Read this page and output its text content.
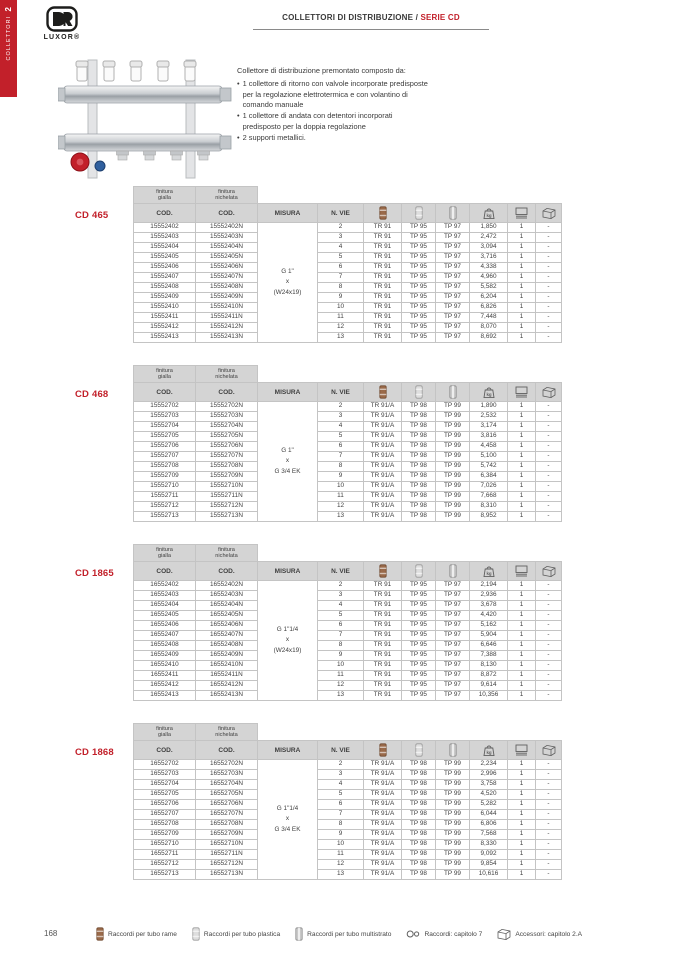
2
COLLETTORI	LUXOR®
COLLETTORI DI DISTRIBUZIONE / SERIE CD

Collettore di distribuzione premontato composto da:

• 1 collettore di ritorno con valvole incorporate predisposte per la regolazione elettrotermica e con volantino di comando manuale
• 1 collettore di andata con detentori incorporati predisposto per la doppia regolazione
• 2 supporti metallici.
CD 465
finitura
gialla	finitura
nichelata								
COD.	COD.	MISURA	N. VIE				kg

15552402	15552402N	G 1"
x
(W24x19)	2	TR 91	TP 95	TP 97	1,850	1	-
15552403	15552403N		3	TR 91	TP 95	TP 97	2,472	1	-
15552404	15552404N		4	TR 91	TP 95	TP 97	3,094	1	-
15552405	15552405N		5	TR 91	TP 95	TP 97	3,716	1	-
15552406	15552406N		6	TR 91	TP 95	TP 97	4,338	1	-
15552407	15552407N		7	TR 91	TP 95	TP 97	4,960	1	-
15552408	15552408N		8	TR 91	TP 95	TP 97	5,582	1	-
15552409	15552409N		9	TR 91	TP 95	TP 97	6,204	1	-
15552410	15552410N		10	TR 91	TP 95	TP 97	6,826	1	-
15552411	15552411N		11	TR 91	TP 95	TP 97	7,448	1	-
15552412	15552412N		12	TR 91	TP 95	TP 97	8,070	1	-
15552413	15552413N		13	TR 91	TP 95	TP 97	8,692	1	-
CD 468
finitura
gialla	finitura
nichelata								
COD.	COD.	MISURA	N. VIE				kg

15552702	15552702N	G 1"
x
G 3/4 EK	2	TR 91/A	TP 98	TP 99	1,890	1	-
15552703	15552703N		3	TR 91/A	TP 98	TP 99	2,532	1	-
15552704	15552704N		4	TR 91/A	TP 98	TP 99	3,174	1	-
15552705	15552705N		5	TR 91/A	TP 98	TP 99	3,816	1	-
15552706	15552706N		6	TR 91/A	TP 98	TP 99	4,458	1	-
15552707	15552707N		7	TR 91/A	TP 98	TP 99	5,100	1	-
15552708	15552708N		8	TR 91/A	TP 98	TP 99	5,742	1	-
15552709	15552709N		9	TR 91/A	TP 98	TP 99	6,384	1	-
15552710	15552710N		10	TR 91/A	TP 98	TP 99	7,026	1	-
15552711	15552711N		11	TR 91/A	TP 98	TP 99	7,668	1	-
15552712	15552712N		12	TR 91/A	TP 98	TP 99	8,310	1	-
15552713	15552713N		13	TR 91/A	TP 98	TP 99	8,952	1	-
CD 1865
finitura
gialla	finitura
nichelata								
COD.	COD.	MISURA	N. VIE				kg

16552402	16552402N	G 1"1/4
x
(W24x19)	2	TR 91	TP 95	TP 97	2,194	1	-
16552403	16552403N		3	TR 91	TP 95	TP 97	2,936	1	-
16552404	16552404N		4	TR 91	TP 95	TP 97	3,678	1	-
16552405	16552405N		5	TR 91	TP 95	TP 97	4,420	1	-
16552406	16552406N		6	TR 91	TP 95	TP 97	5,162	1	-
16552407	16552407N		7	TR 91	TP 95	TP 97	5,904	1	-
16552408	16552408N		8	TR 91	TP 95	TP 97	6,646	1	-
16552409	16552409N		9	TR 91	TP 95	TP 97	7,388	1	-
16552410	16552410N		10	TR 91	TP 95	TP 97	8,130	1	-
16552411	16552411N		11	TR 91	TP 95	TP 97	8,872	1	-
16552412	16552412N		12	TR 91	TP 95	TP 97	9,614	1	-
16552413	16552413N		13	TR 91	TP 95	TP 97	10,356	1	-
CD 1868
finitura
gialla	finitura
nichelata								
COD.	COD.	MISURA	N. VIE				kg

16552702	16552702N	G 1"1/4
x
G 3/4 EK	2	TR 91/A	TP 98	TP 99	2,234	1	-
16552703	16552703N		3	TR 91/A	TP 98	TP 99	2,996	1	-
16552704	16552704N		4	TR 91/A	TP 98	TP 99	3,758	1	-
16552705	16552705N		5	TR 91/A	TP 98	TP 99	4,520	1	-
16552706	16552706N		6	TR 91/A	TP 98	TP 99	5,282	1	-
16552707	16552707N		7	TR 91/A	TP 98	TP 99	6,044	1	-
16552708	16552708N		8	TR 91/A	TP 98	TP 99	6,806	1	-
16552709	16552709N		9	TR 91/A	TP 98	TP 99	7,568	1	-
16552710	16552710N		10	TR 91/A	TP 98	TP 99	8,330	1	-
16552711	16552711N		11	TR 91/A	TP 98	TP 99	9,092	1	-
16552712	16552712N		12	TR 91/A	TP 98	TP 99	9,854	1	-
16552713	16552713N		13	TR 91/A	TP 98	TP 99	10,616	1	-
168	Raccordi per tubo rame	Raccordi per tubo plastica	Raccordi per tubo multistrato	Raccordi: capitolo 7	Accessori: capitolo 2.A
